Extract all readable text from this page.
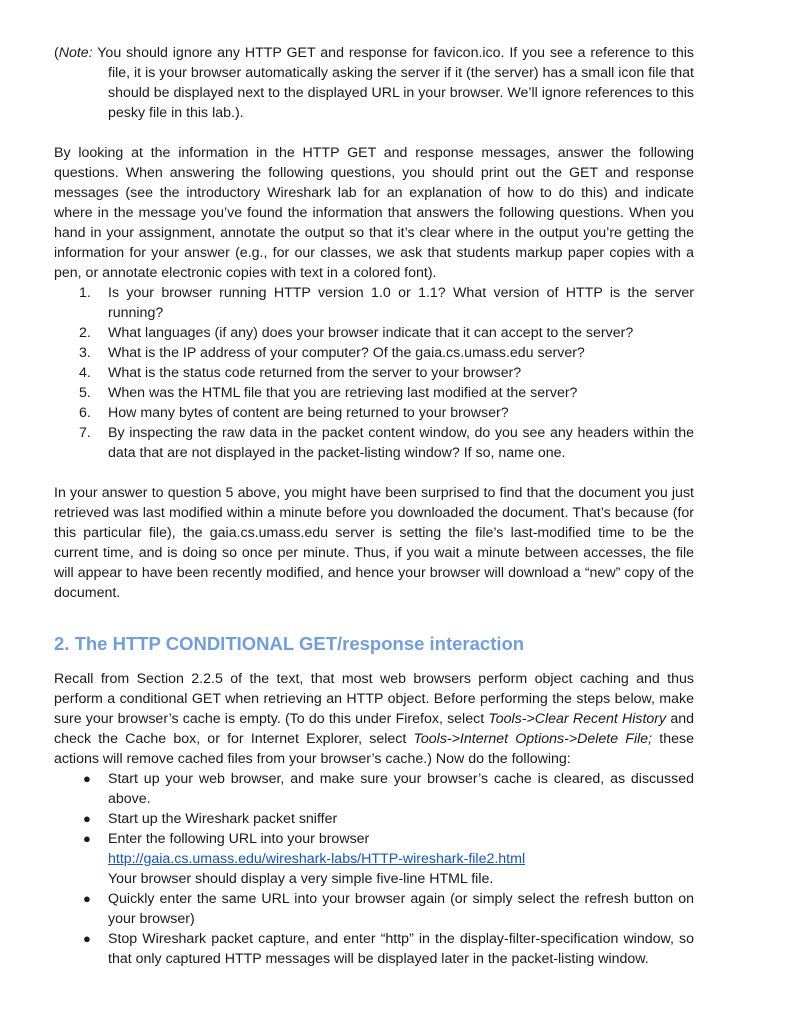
(Note: You should ignore any HTTP GET and response for favicon.ico. If you see a reference to this file, it is your browser automatically asking the server if it (the server) has a small icon file that should be displayed next to the displayed URL in your browser. We’ll ignore references to this pesky file in this lab.).

By looking at the information in the HTTP GET and response messages, answer the following questions. When answering the following questions, you should print out the GET and response messages (see the introductory Wireshark lab for an explanation of how to do this) and indicate where in the message you’ve found the information that answers the following questions. When you hand in your assignment, annotate the output so that it’s clear where in the output you’re getting the information for your answer (e.g., for our classes, we ask that students markup paper copies with a pen, or annotate electronic copies with text in a colored font).

1. Is your browser running HTTP version 1.0 or 1.1? What version of HTTP is the server running?
2. What languages (if any) does your browser indicate that it can accept to the server?
3. What is the IP address of your computer? Of the gaia.cs.umass.edu server?
4. What is the status code returned from the server to your browser?
5. When was the HTML file that you are retrieving last modified at the server?
6. How many bytes of content are being returned to your browser?
7. By inspecting the raw data in the packet content window, do you see any headers within the data that are not displayed in the packet-listing window? If so, name one.

In your answer to question 5 above, you might have been surprised to find that the document you just retrieved was last modified within a minute before you downloaded the document. That’s because (for this particular file), the gaia.cs.umass.edu server is setting the file’s last-modified time to be the current time, and is doing so once per minute. Thus, if you wait a minute between accesses, the file will appear to have been recently modified, and hence your browser will download a “new” copy of the document.

2. The HTTP CONDITIONAL GET/response interaction

Recall from Section 2.2.5 of the text, that most web browsers perform object caching and thus perform a conditional GET when retrieving an HTTP object. Before performing the steps below, make sure your browser’s cache is empty. (To do this under Firefox, select Tools->Clear Recent History and check the Cache box, or for Internet Explorer, select Tools->Internet Options->Delete File; these actions will remove cached files from your browser’s cache.) Now do the following:

● Start up your web browser, and make sure your browser’s cache is cleared, as discussed above.
● Start up the Wireshark packet sniffer
● Enter the following URL into your browser
http://gaia.cs.umass.edu/wireshark-labs/HTTP-wireshark-file2.html
Your browser should display a very simple five-line HTML file.
● Quickly enter the same URL into your browser again (or simply select the refresh button on your browser)
● Stop Wireshark packet capture, and enter “http” in the display-filter-specification window, so that only captured HTTP messages will be displayed later in the packet-listing window.
